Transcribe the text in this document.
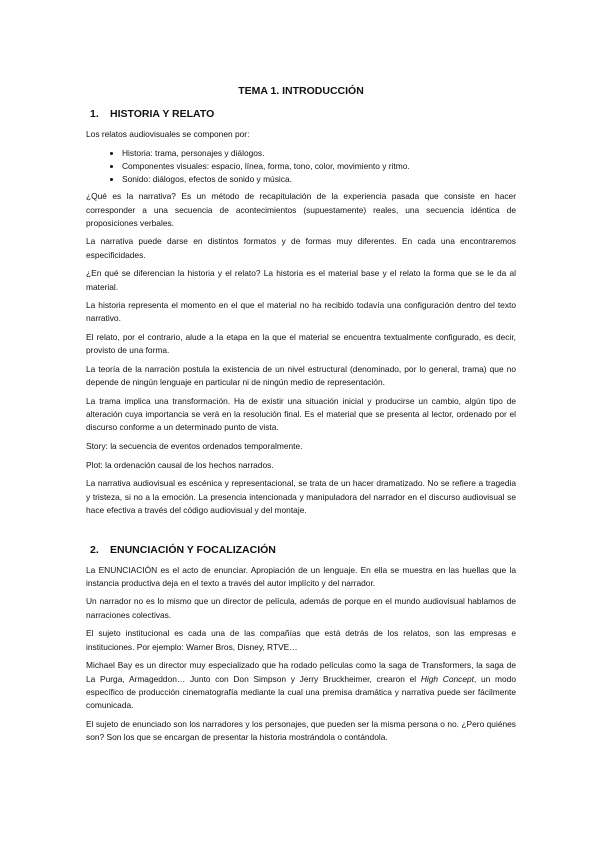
TEMA 1. INTRODUCCIÓN
1.	HISTORIA Y RELATO

Los relatos audiovisuales se componen por:

• Historia: trama, personajes y diálogos.
• Componentes visuales: espacio, línea, forma, tono, color, movimiento y ritmo.
• Sonido: diálogos, efectos de sonido y música.

¿Qué es la narrativa? Es un método de recapitulación de la experiencia pasada que consiste en hacer corresponder a una secuencia de acontecimientos (supuestamente) reales, una secuencia idéntica de proposiciones verbales.

La narrativa puede darse en distintos formatos y de formas muy diferentes. En cada una encontraremos especificidades.

¿En qué se diferencian la historia y el relato? La historia es el material base y el relato la forma que se le da al material.

La historia representa el momento en el que el material no ha recibido todavía una configuración dentro del texto narrativo.

El relato, por el contrario, alude a la etapa en la que el material se encuentra textualmente configurado, es decir, provisto de una forma.

La teoría de la narración postula la existencia de un nivel estructural (denominado, por lo general, trama) que no depende de ningún lenguaje en particular ni de ningún medio de representación.

La trama implica una transformación. Ha de existir una situación inicial y producirse un cambio, algún tipo de alteración cuya importancia se verá en la resolución final. Es el material que se presenta al lector, ordenado por el discurso conforme a un determinado punto de vista.

Story: la secuencia de eventos ordenados temporalmente.

Plot: la ordenación causal de los hechos narrados.

La narrativa audiovisual es escénica y representacional, se trata de un hacer dramatizado. No se refiere a tragedia y tristeza, si no a la emoción. La presencia intencionada y manipuladora del narrador en el discurso audiovisual se hace efectiva a través del código audiovisual y del montaje.

2.	ENUNCIACIÓN Y FOCALIZACIÓN

La ENUNCIACIÓN es el acto de enunciar. Apropiación de un lenguaje. En ella se muestra en las huellas que la instancia productiva deja en el texto a través del autor implícito y del narrador.

Un narrador no es lo mismo que un director de película, además de porque en el mundo audiovisual hablamos de narraciones colectivas.

El sujeto institucional es cada una de las compañías que está detrás de los relatos, son las empresas e instituciones. Por ejemplo: Warner Bros, Disney, RTVE…

Michael Bay es un director muy especializado que ha rodado películas como la saga de Transformers, la saga de La Purga, Armageddon… Junto con Don Simpson y Jerry Bruckheimer, crearon el High Concept, un modo específico de producción cinematografía mediante la cual una premisa dramática y narrativa puede ser fácilmente comunicada.

El sujeto de enunciado son los narradores y los personajes, que pueden ser la misma persona o no. ¿Pero quiénes son? Son los que se encargan de presentar la historia mostrándola o contándola.
